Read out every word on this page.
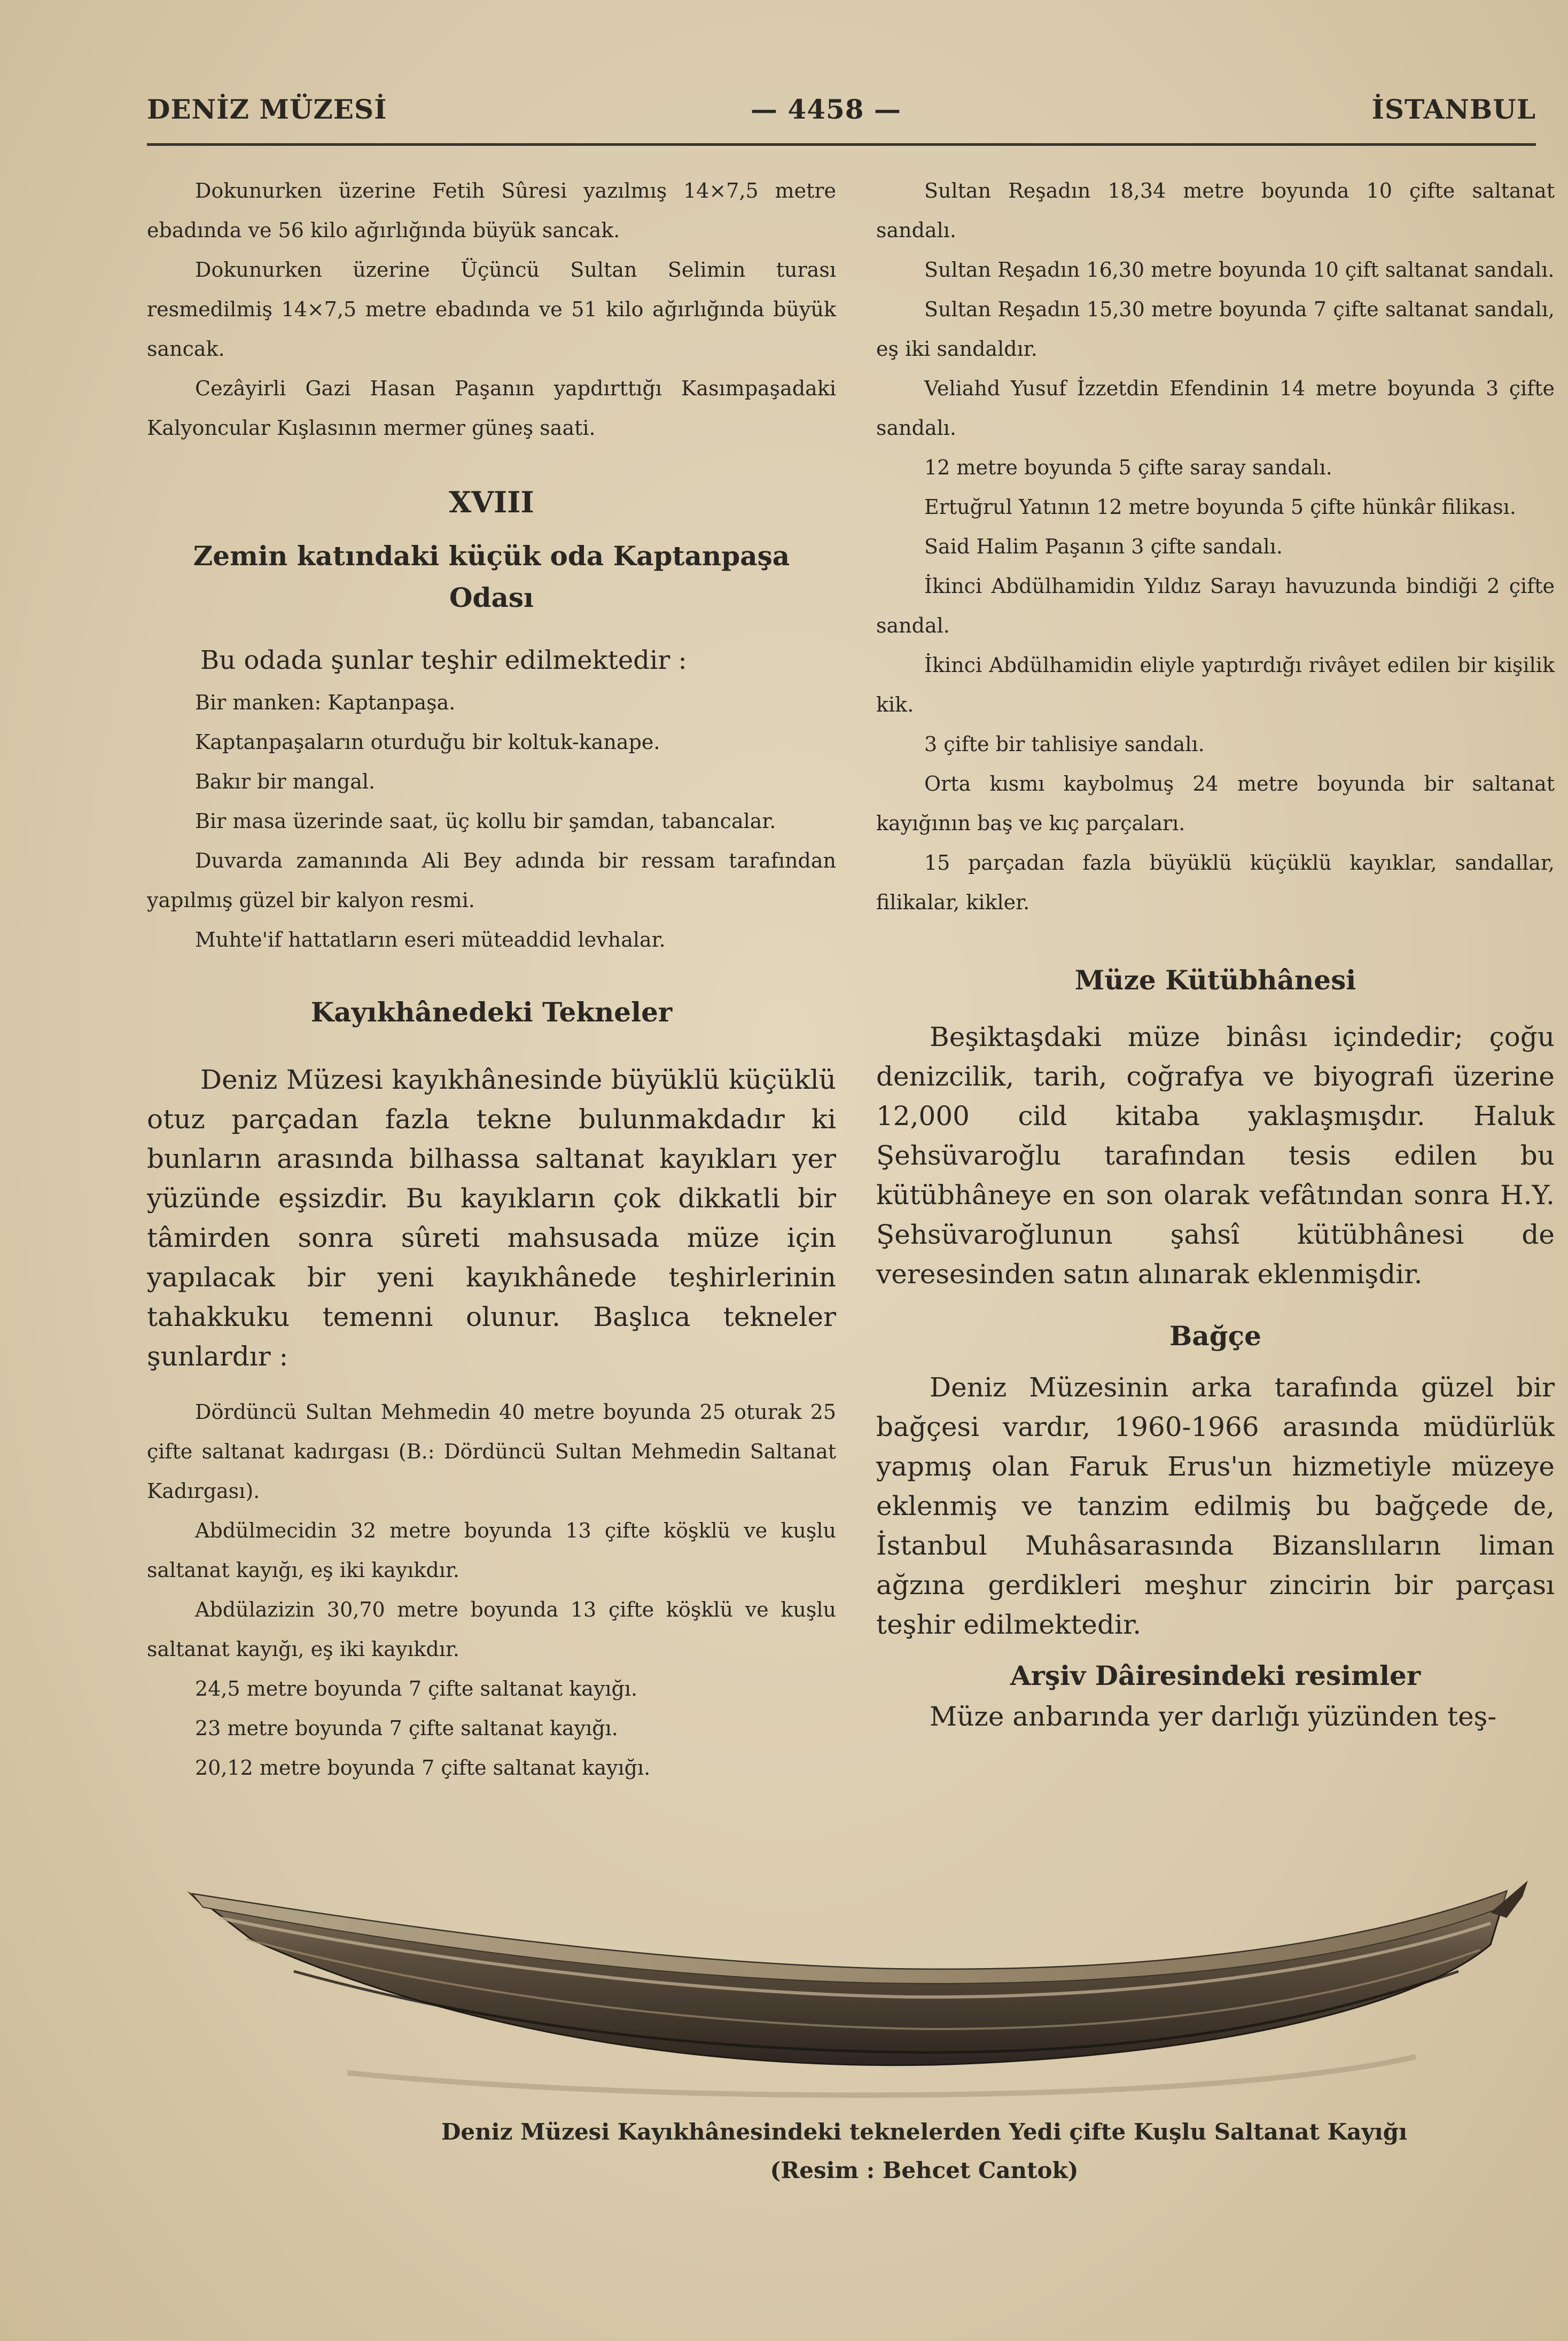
DENİZ MÜZESİ	— 4458 —	İSTANBUL

Dokunurken üzerine Fetih Sûresi yazılmış 14×7,5 metre ebadında ve 56 kilo ağırlığında büyük sancak.

Dokunurken üzerine Üçüncü Sultan Selimin turası resmedilmiş 14×7,5 metre ebadında ve 51 kilo ağırlığında büyük sancak.

Cezâyirli Gazi Hasan Paşanın yapdırttığı Kasımpaşadaki Kalyoncular Kışlasının mermer güneş saati.

XVIII
Zemin katındaki küçük oda Kaptanpaşa Odası
Bu odada şunlar teşhir edilmektedir :

Bir manken: Kaptanpaşa.

Kaptanpaşaların oturduğu bir koltuk-kanape.

Bakır bir mangal.

Bir masa üzerinde saat, üç kollu bir şamdan, tabancalar.

Duvarda zamanında Ali Bey adında bir ressam tarafından yapılmış güzel bir kalyon resmi.

Muhte'if hattatların eseri müteaddid levhalar.

Kayıkhânedeki Tekneler

Deniz Müzesi kayıkhânesinde büyüklü küçüklü otuz parçadan fazla tekne bulunmakdadır ki bunların arasında bilhassa saltanat kayıkları yer yüzünde eşsizdir. Bu kayıkların çok dikkatli bir tâmirden sonra sûreti mahsusada müze için yapılacak bir yeni kayıkhânede teşhirlerinin tahakkuku temenni olunur. Başlıca tekneler şunlardır :

Dördüncü Sultan Mehmedin 40 metre boyunda 25 oturak 25 çifte saltanat kadırgası (B.: Dördüncü Sultan Mehmedin Saltanat Kadırgası).

Abdülmecidin 32 metre boyunda 13 çifte köşklü ve kuşlu saltanat kayığı, eş iki kayıkdır.

Abdülazizin 30,70 metre boyunda 13 çifte köşklü ve kuşlu saltanat kayığı, eş iki kayıkdır.

24,5 metre boyunda 7 çifte saltanat kayığı.

23 metre boyunda 7 çifte saltanat kayığı.

20,12 metre boyunda 7 çifte saltanat kayığı.

Sultan Reşadın 18,34 metre boyunda 10 çifte saltanat sandalı.

Sultan Reşadın 16,30 metre boyunda 10 çift saltanat sandalı.

Sultan Reşadın 15,30 metre boyunda 7 çifte saltanat sandalı, eş iki sandaldır.

Veliahd Yusuf İzzetdin Efendinin 14 metre boyunda 3 çifte sandalı.

12 metre boyunda 5 çifte saray sandalı.

Ertuğrul Yatının 12 metre boyunda 5 çifte hünkâr filikası.

Said Halim Paşanın 3 çifte sandalı.

İkinci Abdülhamidin Yıldız Sarayı havuzunda bindiği 2 çifte sandal.

İkinci Abdülhamidin eliyle yaptırdığı rivâyet edilen bir kişilik kik.

3 çifte bir tahlisiye sandalı.

Orta kısmı kaybolmuş 24 metre boyunda bir saltanat kayığının baş ve kıç parçaları.

15 parçadan fazla büyüklü küçüklü kayıklar, sandallar, filikalar, kikler.

Müze Kütübhânesi

Beşiktaşdaki müze binâsı içindedir; çoğu denizcilik, tarih, coğrafya ve biyografi üzerine 12,000 cild kitaba yaklaşmışdır. Haluk Şehsüvaroğlu tarafından tesis edilen bu kütübhâneye en son olarak vefâtından sonra H.Y. Şehsüvaroğlunun şahsî kütübhânesi de veresesinden satın alınarak eklenmişdir.

Bağçe

Deniz Müzesinin arka tarafında güzel bir bağçesi vardır, 1960-1966 arasında müdürlük yapmış olan Faruk Erus'un hizmetiyle müzeye eklenmiş ve tanzim edilmiş bu bağçede de, İstanbul Muhâsarasında Bizanslıların liman ağzına gerdikleri meşhur zincirin bir parçası teşhir edilmektedir.

Arşiv Dâiresindeki resimler

Müze anbarında yer darlığı yüzünden teş-

Deniz Müzesi Kayıkhânesindeki teknelerden Yedi çifte Kuşlu Saltanat Kayığı
(Resim : Behcet Cantok)
